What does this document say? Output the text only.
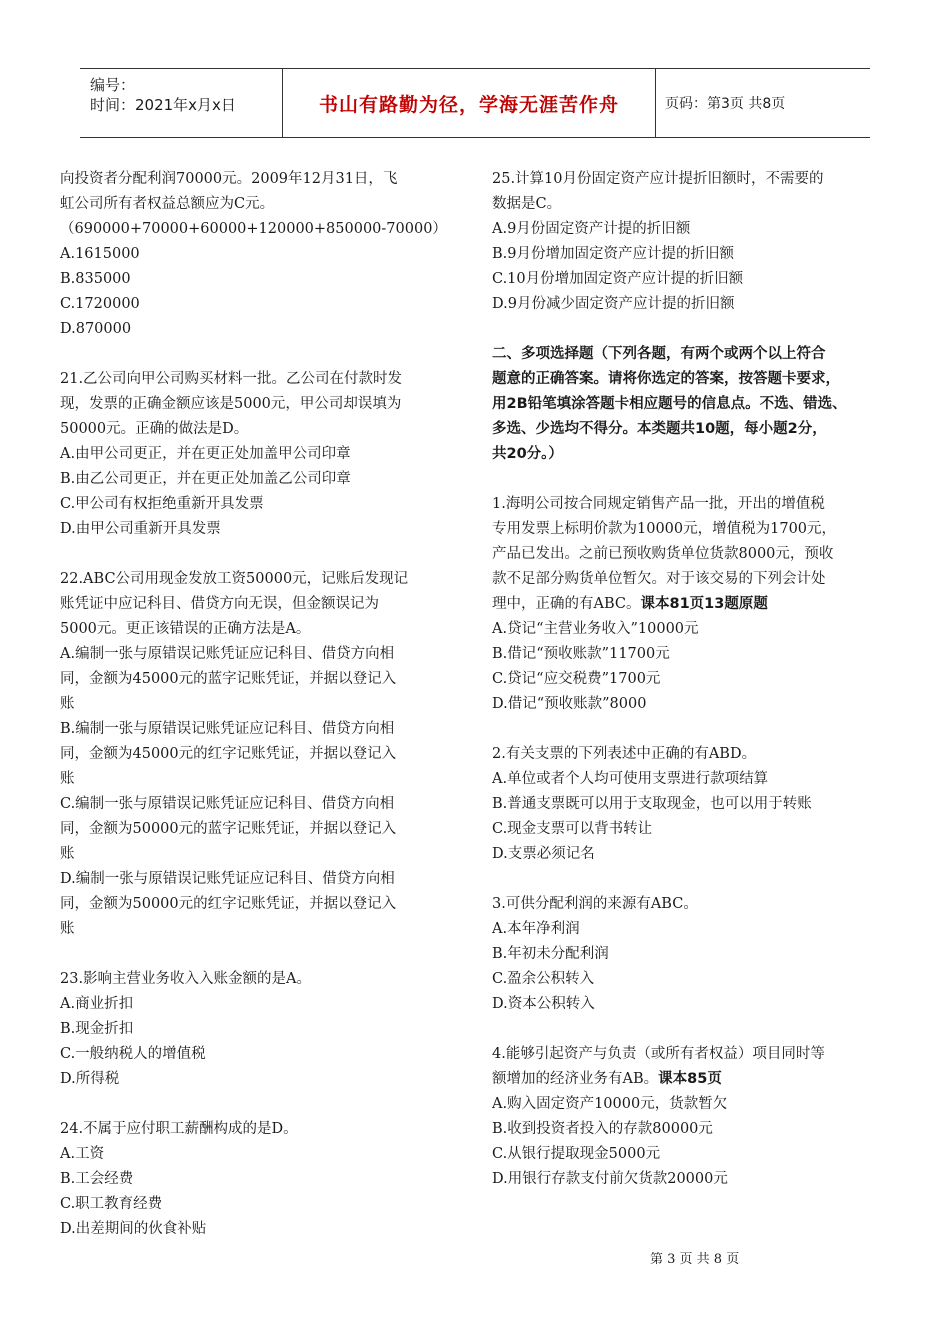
编号：
时间：2021年x月x日	书山有路勤为径，学海无涯苦作舟	页码：第3页 共8页
向投资者分配利润70000元。2009年12月31日，飞
虹公司所有者权益总额应为C元。
（690000+70000+60000+120000+850000-70000）
A.1615000
B.835000
C.1720000
D.870000
21.乙公司向甲公司购买材料一批。乙公司在付款时发
现，发票的正确金额应该是5000元，甲公司却误填为
50000元。正确的做法是D。
A.由甲公司更正，并在更正处加盖甲公司印章
B.由乙公司更正，并在更正处加盖乙公司印章
C.甲公司有权拒绝重新开具发票
D.由甲公司重新开具发票
22.ABC公司用现金发放工资50000元，记账后发现记
账凭证中应记科目、借贷方向无误，但金额误记为
5000元。更正该错误的正确方法是A。
A.编制一张与原错误记账凭证应记科目、借贷方向相
同，金额为45000元的蓝字记账凭证，并据以登记入
账
B.编制一张与原错误记账凭证应记科目、借贷方向相
同，金额为45000元的红字记账凭证，并据以登记入
账
C.编制一张与原错误记账凭证应记科目、借贷方向相
同，金额为50000元的蓝字记账凭证，并据以登记入
账
D.编制一张与原错误记账凭证应记科目、借贷方向相
同，金额为50000元的红字记账凭证，并据以登记入
账
23.影响主营业务收入入账金额的是A。
A.商业折扣
B.现金折扣
C.一般纳税人的增值税
D.所得税
24.不属于应付职工薪酬构成的是D。
A.工资
B.工会经费
C.职工教育经费
D.出差期间的伙食补贴
25.计算10月份固定资产应计提折旧额时，不需要的
数据是C。
A.9月份固定资产计提的折旧额
B.9月份增加固定资产应计提的折旧额
C.10月份增加固定资产应计提的折旧额
D.9月份减少固定资产应计提的折旧额
二、多项选择题（下列各题，有两个或两个以上符合
题意的正确答案。请将你选定的答案，按答题卡要求，
用2B铅笔填涂答题卡相应题号的信息点。不选、错选、
多选、少选均不得分。本类题共10题，每小题2分，
共20分。）
1.海明公司按合同规定销售产品一批，开出的增值税
专用发票上标明价款为10000元，增值税为1700元，
产品已发出。之前已预收购货单位货款8000元，预收
款不足部分购货单位暂欠。对于该交易的下列会计处
理中，正确的有ABC。课本81页13题原题
A.贷记“主营业务收入”10000元
B.借记“预收账款”11700元
C.贷记“应交税费”1700元
D.借记“预收账款”8000
2.有关支票的下列表述中正确的有ABD。
A.单位或者个人均可使用支票进行款项结算
B.普通支票既可以用于支取现金，也可以用于转账
C.现金支票可以背书转让
D.支票必须记名
3.可供分配利润的来源有ABC。
A.本年净利润
B.年初未分配利润
C.盈余公积转入
D.资本公积转入
4.能够引起资产与负责（或所有者权益）项目同时等
额增加的经济业务有AB。课本85页
A.购入固定资产10000元，货款暂欠
B.收到投资者投入的存款80000元
C.从银行提取现金5000元
D.用银行存款支付前欠货款20000元
第 3 页 共 8 页
